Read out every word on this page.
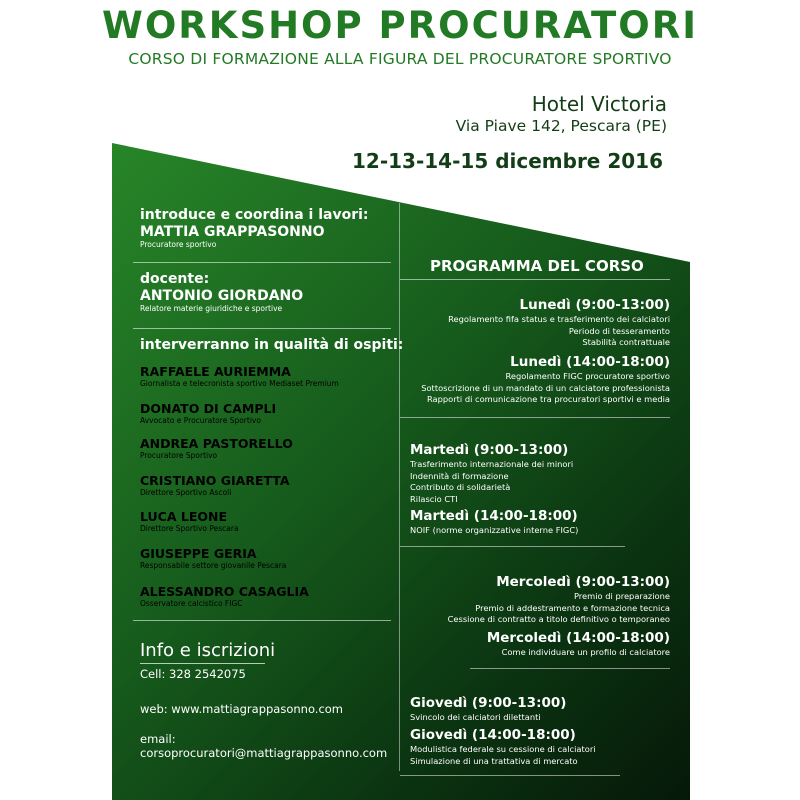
WORKSHOP PROCURATORI
CORSO DI FORMAZIONE ALLA FIGURA DEL PROCURATORE SPORTIVO
Hotel Victoria
Via Piave 142, Pescara (PE)
12-13-14-15 dicembre 2016
introduce e coordina i lavori:
MATTIA GRAPPASONNO
Procuratore sportivo
docente:
ANTONIO GIORDANO
Relatore materie giuridiche e sportive
interverranno in qualità di ospiti:
RAFFAELE AURIEMMA
Giornalista e telecronista sportivo Mediaset Premium
DONATO DI CAMPLI
Avvocato e Procuratore Sportivo
ANDREA PASTORELLO
Procuratore Sportivo
CRISTIANO GIARETTA
Direttore Sportivo Ascoli
LUCA LEONE
Direttore Sportivo Pescara
GIUSEPPE GERIA
Responsabile settore giovanile Pescara
ALESSANDRO CASAGLIA
Osservatore calcistico FIGC
Info e iscrizioni
Cell: 328 2542075
web: www.mattiagrappasonno.com
email:
corsoprocuratori@mattiagrappasonno.com
PROGRAMMA DEL CORSO
Lunedì (9:00-13:00)
Regolamento fifa status e trasferimento dei calciatori
Periodo di tesseramento
Stabilità contrattuale
Lunedì (14:00-18:00)
Regolamento FIGC procuratore sportivo
Sottoscrizione di un mandato di un calciatore professionista
Rapporti di comunicazione tra procuratori sportivi e media
Martedì (9:00-13:00)
Trasferimento internazionale dei minori
Indennità di formazione
Contributo di solidarietà
Rilascio CTI
Martedì (14:00-18:00)
NOIF (norme organizzative interne FIGC)
Mercoledì (9:00-13:00)
Premio di preparazione
Premio di addestramento e formazione tecnica
Cessione di contratto a titolo definitivo o temporaneo
Mercoledì (14:00-18:00)
Come individuare un profilo di calciatore
Giovedì (9:00-13:00)
Svincolo dei calciatori dilettanti
Giovedì (14:00-18:00)
Modulistica federale su cessione di calciatori
Simulazione di una trattativa di mercato
